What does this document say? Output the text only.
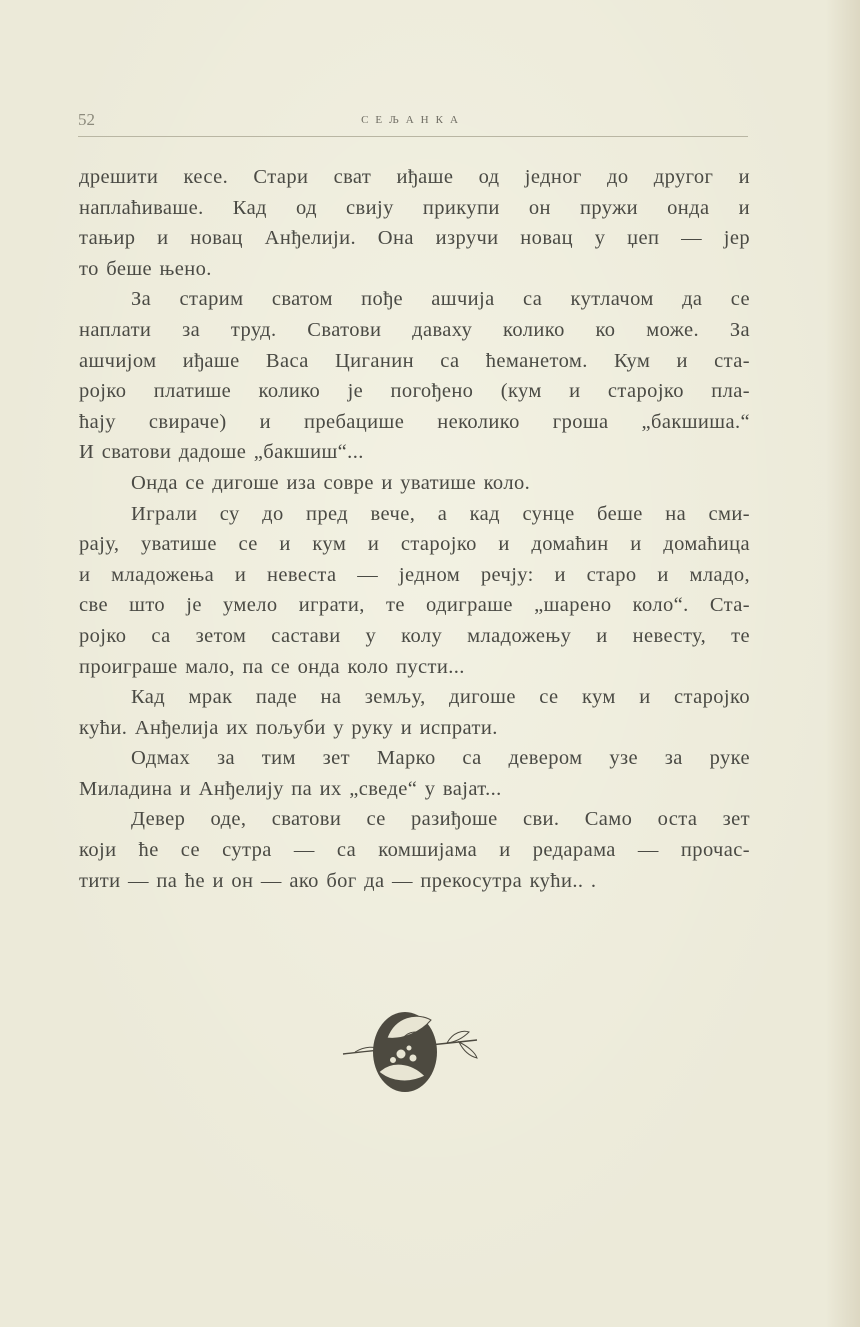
52	СЕЉАНКА
дрешити кесе. Стари сват иђаше од једног до другог и
наплаћиваше. Кад од свију прикупи он пружи онда и
тањир и новац Анђелији. Она изручи новац у џеп — јер
то беше њено.
За старим сватом пође ашчија са кутлачом да се
наплати за труд. Сватови даваху колико ко може. За
ашчијом иђаше Васа Циганин са ћеманетом. Кум и ста-
ројко платише колико је погођено (кум и старојко пла-
ћају свираче) и пребацише неколико гроша „бакшиша.“
И сватови дадоше „бакшиш“...
Онда се дигоше иза совре и уватише коло.
Играли су до пред вече, а кад сунце беше на сми-
рају, уватише се и кум и старојко и домаћин и домаћица
и младожења и невеста — једном речју: и старо и младо,
све што је умело играти, те одиграше „шарено коло“. Ста-
ројко са зетом састави у колу младожењу и невесту, те
проиграше мало, па се онда коло пусти...
Кад мрак паде на земљу, дигоше се кум и старојко
кући. Анђелија их пољуби у руку и испрати.
Одмах за тим зет Марко са девером узе за руке
Миладина и Анђелију па их „сведе“ у вајат...
Девер оде, сватови се разиђоше сви. Само оста зет
који ће се сутра — са комшијама и редарама — прочас-
тити — па ће и он — ако бог да — прекосутра кући.. .
